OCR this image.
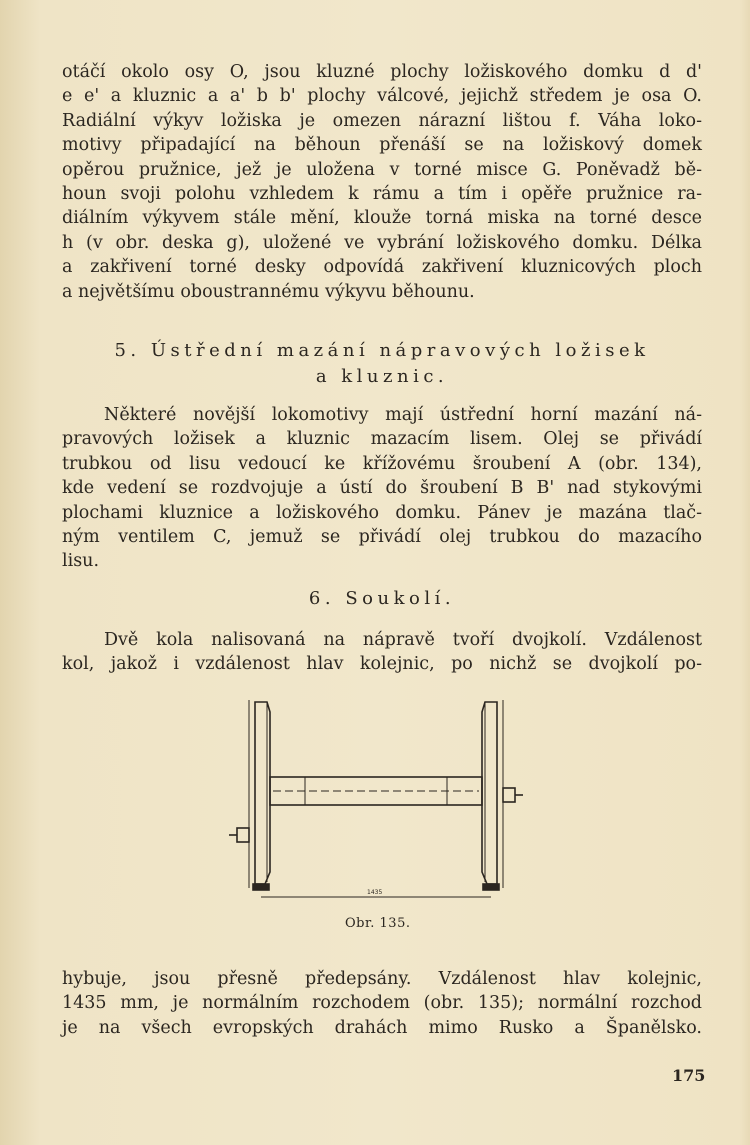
otáčí okolo osy O, jsou kluzné plochy ložiskového domku d d'
e e' a kluznic a a' b b' plochy válcové, jejichž středem je osa O.
Radiální výkyv ložiska je omezen nárazní lištou f. Váha loko-
motivy připadající na běhoun přenáší se na ložiskový domek
opěrou pružnice, jež je uložena v torné misce G. Poněvadž bě-
houn svoji polohu vzhledem k rámu a tím i opěře pružnice ra-
diálním výkyvem stále mění, klouže torná miska na torné desce
h (v obr. deska g), uložené ve vybrání ložiskového domku. Délka
a zakřivení torné desky odpovídá zakřivení kluznicových ploch
a největšímu oboustrannému výkyvu běhounu.
5. Ústřední mazání nápravových ložisek
a kluznic.
Některé novější lokomotivy mají ústřední horní mazání ná-
pravových ložisek a kluznic mazacím lisem. Olej se přivádí
trubkou od lisu vedoucí ke křížovému šroubení A (obr. 134),
kde vedení se rozdvojuje a ústí do šroubení B B' nad stykovými
plochami kluznice a ložiskového domku. Pánev je mazána tlač-
ným ventilem C, jemuž se přivádí olej trubkou do mazacího
lisu.
6. Soukolí.
Dvě kola nalisovaná na nápravě tvoří dvojkolí. Vzdálenost
kol, jakož i vzdálenost hlav kolejnic, po nichž se dvojkolí po-
1435
Obr. 135.
hybuje, jsou přesně předepsány. Vzdálenost hlav kolejnic,
1435 mm, je normálním rozchodem (obr. 135); normální rozchod
je na všech evropských drahách mimo Rusko a Španělsko.
175
